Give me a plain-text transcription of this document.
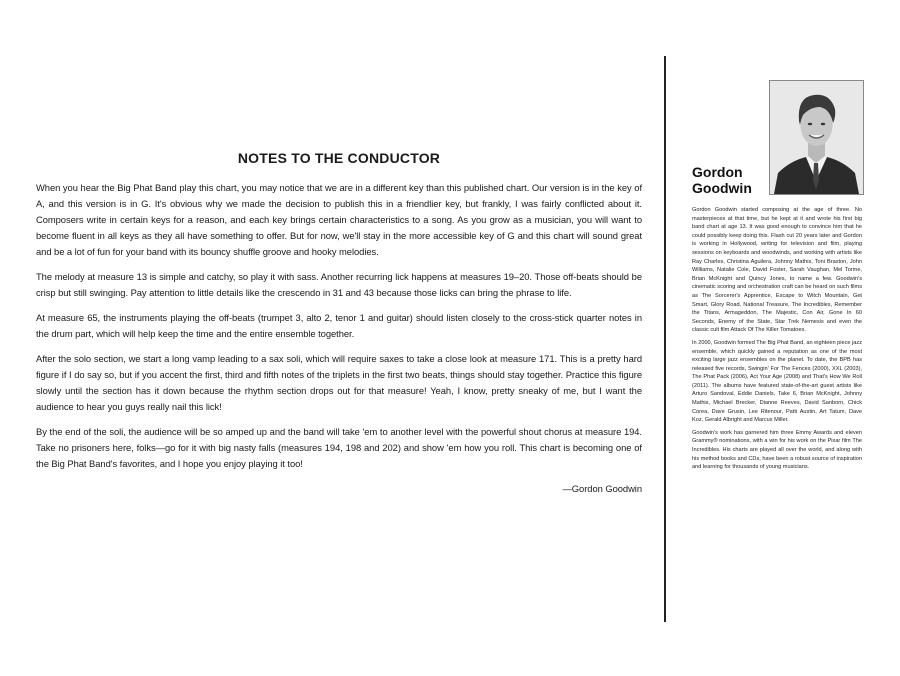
NOTES TO THE CONDUCTOR

When you hear the Big Phat Band play this chart, you may notice that we are in a different key than this published chart. Our version is in the key of A, and this version is in G. It's obvious why we made the decision to publish this in a friendlier key, but frankly, I was fairly conflicted about it. Composers write in certain keys for a reason, and each key brings certain characteristics to a song. As you grow as a musician, you will want to become fluent in all keys as they all have something to offer. But for now, we'll stay in the more accessible key of G and this chart will sound great and be a lot of fun for your band with its bouncy shuffle groove and hooky melodies.

The melody at measure 13 is simple and catchy, so play it with sass. Another recurring lick happens at measures 19–20. Those off-beats should be crisp but still swinging. Pay attention to little details like the crescendo in 31 and 43 because those licks can bring the phrase to life.

At measure 65, the instruments playing the off-beats (trumpet 3, alto 2, tenor 1 and guitar) should listen closely to the cross-stick quarter notes in the drum part, which will help keep the time and the entire ensemble together.

After the solo section, we start a long vamp leading to a sax soli, which will require saxes to take a close look at measure 171. This is a pretty hard figure if I do say so, but if you accent the first, third and fifth notes of the triplets in the first two beats, things should stay together. Practice this figure slowly until the section has it down because the rhythm section drops out for that measure! Yeah, I know, pretty sneaky of me, but I want the audience to hear you guys really nail this lick!

By the end of the soli, the audience will be so amped up and the band will take 'em to another level with the powerful shout chorus at measure 194. Take no prisoners here, folks—go for it with big nasty falls (measures 194, 198 and 202) and show 'em how you roll. This chart is becoming one of the Big Phat Band's favorites, and I hope you enjoy playing it too!

—Gordon Goodwin

Gordon
Goodwin

Gordon Goodwin started composing at the age of three. No masterpieces at that time, but he kept at it and wrote his first big band chart at age 13. It was good enough to convince him that he could possibly keep doing this. Flash cut 20 years later and Gordon is working in Hollywood, writing for television and film, playing sessions on keyboards and woodwinds, and working with artists like Ray Charles, Christina Aguilera, Johnny Mathis, Toni Braxton, John Williams, Natalie Cole, David Foster, Sarah Vaughan, Mel Torme, Brian McKnight and Quincy Jones, to name a few. Goodwin's cinematic scoring and orchestration craft can be heard on such films as The Sorcerer's Apprentice, Escape to Witch Mountain, Get Smart, Glory Road, National Treasure, The Incredibles, Remember the Titans, Armageddon, The Majestic, Con Air, Gone In 60 Seconds, Enemy of the State, Star Trek Nemesis and even the classic cult film Attack Of The Killer Tomatoes.

In 2000, Goodwin formed The Big Phat Band, an eighteen piece jazz ensemble, which quickly gained a reputation as one of the most exciting large jazz ensembles on the planet. To date, the BPB has released five records, Swingin' For The Fences (2000), XXL (2003), The Phat Pack (2006), Act Your Age (2008) and That's How We Roll (2011). The albums have featured state-of-the-art guest artists like Arturo Sandoval, Eddie Daniels, Take 6, Brian McKnight, Johnny Mathis, Michael Brecker, Dianne Reeves, David Sanborn, Chick Corea, Dave Grusin, Lee Ritenour, Patti Austin, Art Tatum, Dave Koz, Gerald Albright and Marcus Miller.

Goodwin's work has garnered him three Emmy Awards and eleven Grammy® nominations, with a win for his work on the Pixar film The Incredibles. His charts are played all over the world, and along with his method books and CDs, have been a robust source of inspiration and learning for thousands of young musicians.
